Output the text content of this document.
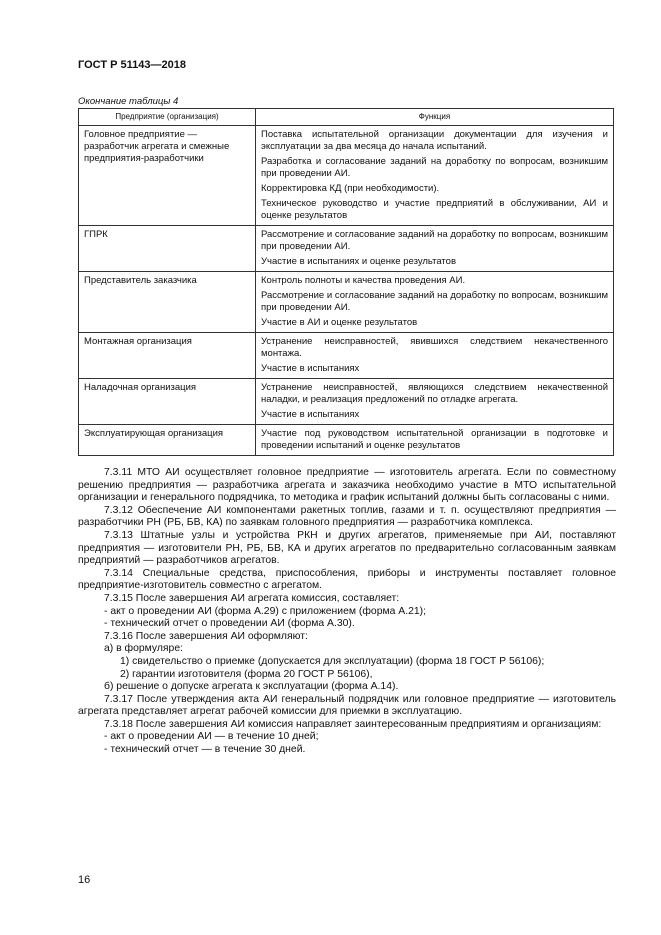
ГОСТ Р 51143—2018
Окончание таблицы 4
Предприятие (организация)	Функция
Головное предприятие — разработчик агрегата и смежные предприятия-разработчики	Поставка испытательной организации документации для изучения и эксплуатации за два месяца до начала испытаний.

Разработка и согласование заданий на доработку по вопросам, возникшим при проведении АИ.

Корректировка КД (при необходимости).

Техническое руководство и участие предприятий в обслуживании, АИ и оценке результатов

ГПРК	Рассмотрение и согласование заданий на доработку по вопросам, возникшим при проведении АИ.

Участие в испытаниях и оценке результатов

Представитель заказчика	Контроль полноты и качества проведения АИ.

Рассмотрение и согласование заданий на доработку по вопросам, возникшим при проведении АИ.

Участие в АИ и оценке результатов

Монтажная организация	Устранение неисправностей, явившихся следствием некачественного монтажа.

Участие в испытаниях

Наладочная организация	Устранение неисправностей, являющихся следствием некачественной наладки, и реализация предложений по отладке агрегата.

Участие в испытаниях

Эксплуатирующая организация	Участие под руководством испытательной организации в подготовке и проведении испытаний и оценке результатов

7.3.11 МТО АИ осуществляет головное предприятие — изготовитель агрегата. Если по совместному решению предприятия — разработчика агрегата и заказчика необходимо участие в МТО испытательной организации и генерального подрядчика, то методика и график испытаний должны быть согласованы с ними.

7.3.12 Обеспечение АИ компонентами ракетных топлив, газами и т. п. осуществляют предприятия — разработчики РН (РБ, БВ, КА) по заявкам головного предприятия — разработчика комплекса.

7.3.13 Штатные узлы и устройства РКН и других агрегатов, применяемые при АИ, поставляют предприятия — изготовители РН, РБ, БВ, КА и других агрегатов по предварительно согласованным заявкам предприятий — разработчиков агрегатов.

7.3.14 Специальные средства, приспособления, приборы и инструменты поставляет головное предприятие-изготовитель совместно с агрегатом.

7.3.15 После завершения АИ агрегата комиссия, составляет:

- акт о проведении АИ (форма А.29) с приложением (форма А.21);

- технический отчет о проведении АИ (форма А.30).

7.3.16 После завершения АИ оформляют:

а) в формуляре:

1) свидетельство о приемке (допускается для эксплуатации) (форма 18 ГОСТ Р 56106);

2) гарантии изготовителя (форма 20 ГОСТ Р 56106),

б) решение о допуске агрегата к эксплуатации (форма А.14).

7.3.17 После утверждения акта АИ генеральный подрядчик или головное предприятие — изготовитель агрегата представляет агрегат рабочей комиссии для приемки в эксплуатацию.

7.3.18 После завершения АИ комиссия направляет заинтересованным предприятиям и организациям:

- акт о проведении АИ — в течение 10 дней;

- технический отчет — в течение 30 дней.

16
